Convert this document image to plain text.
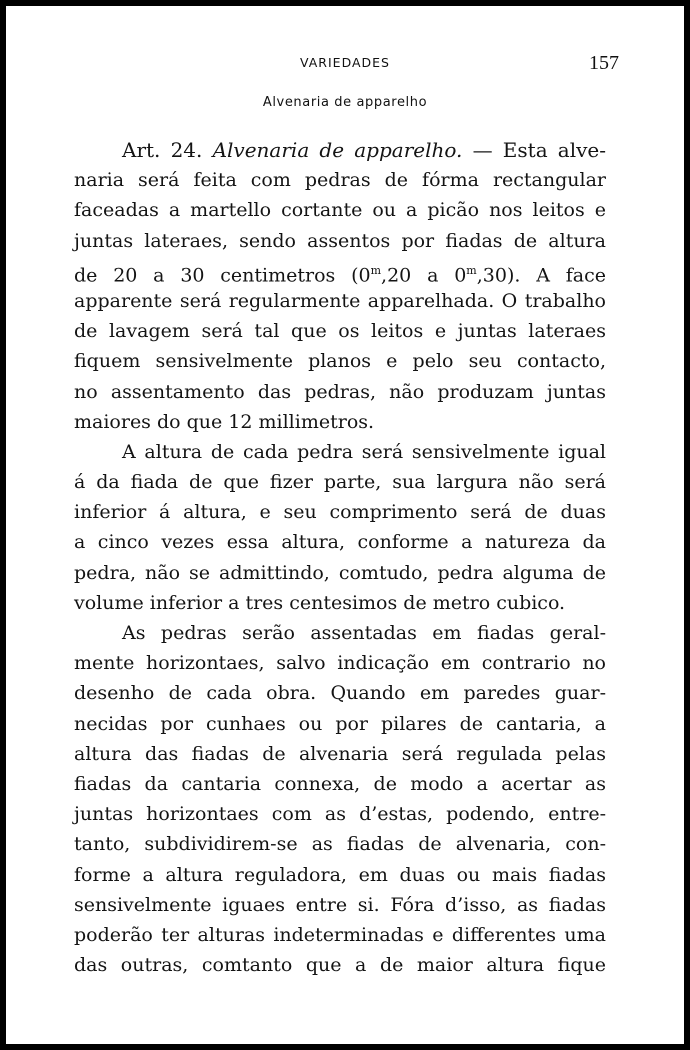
VARIEDADES	157
Alvenaria de apparelho
Art. 24. Alvenaria de apparelho. — Esta alve-
naria será feita com pedras de fórma rectangular
faceadas a martello cortante ou a picão nos leitos e
juntas lateraes, sendo assentos por fiadas de altura
de 20 a 30 centimetros (0$^m$,20 a 0$^m$,30). A face
apparente será regularmente apparelhada. O trabalho
de lavagem será tal que os leitos e juntas lateraes
fiquem sensivelmente planos e pelo seu contacto,
no assentamento das pedras, não produzam juntas
maiores do que 12 millimetros.
A altura de cada pedra será sensivelmente igual
á da fiada de que fizer parte, sua largura não será
inferior á altura, e seu comprimento será de duas
a cinco vezes essa altura, conforme a natureza da
pedra, não se admittindo, comtudo, pedra alguma de
volume inferior a tres centesimos de metro cubico.
As pedras serão assentadas em fiadas geral-
mente horizontaes, salvo indicação em contrario no
desenho de cada obra. Quando em paredes guar-
necidas por cunhaes ou por pilares de cantaria, a
altura das fiadas de alvenaria será regulada pelas
fiadas da cantaria connexa, de modo a acertar as
juntas horizontaes com as d’estas, podendo, entre-
tanto, subdividirem-se as fiadas de alvenaria, con-
forme a altura reguladora, em duas ou mais fiadas
sensivelmente iguaes entre si. Fóra d’isso, as fiadas
poderão ter alturas indeterminadas e differentes uma
das outras, comtanto que a de maior altura fique
